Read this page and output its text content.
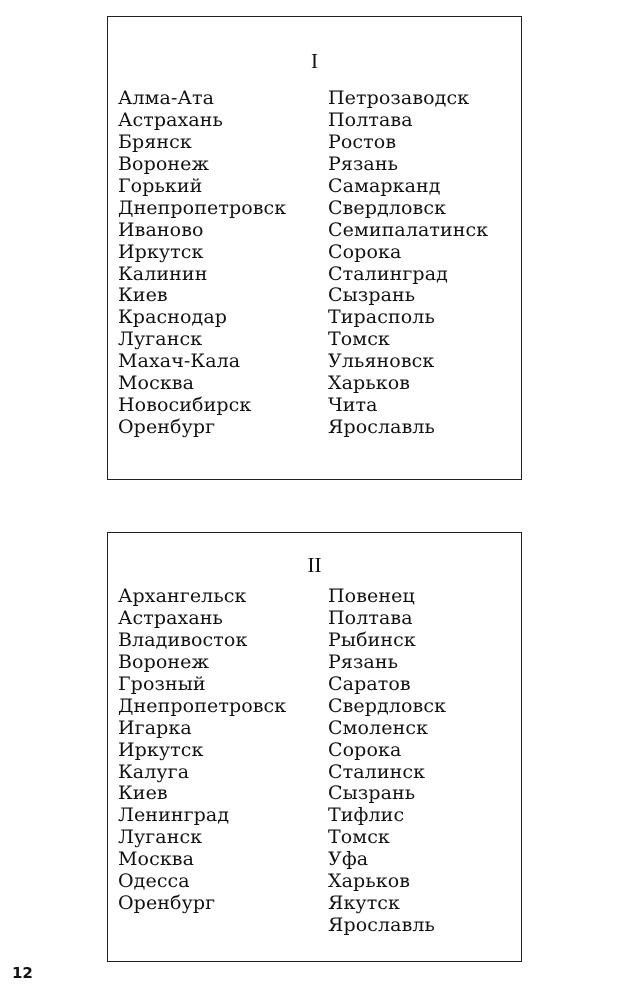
I
Алма-Ата
Астрахань
Брянск
Воронеж
Горький
Днепропетровск
Иваново
Иркутск
Калинин
Киев
Краснодар
Луганск
Махач-Кала
Москва
Новосибирск
Оренбург
Петрозаводск
Полтава
Ростов
Рязань
Самарканд
Свердловск
Семипалатинск
Сорока
Сталинград
Сызрань
Тирасполь
Томск
Ульяновск
Харьков
Чита
Ярославль
II
Архангельск
Астрахань
Владивосток
Воронеж
Грозный
Днепропетровск
Игарка
Иркутск
Калуга
Киев
Ленинград
Луганск
Москва
Одесса
Оренбург
Повенец
Полтава
Рыбинск
Рязань
Саратов
Свердловск
Смоленск
Сорока
Сталинск
Сызрань
Тифлис
Томск
Уфа
Харьков
Якутск
Ярославль
12
